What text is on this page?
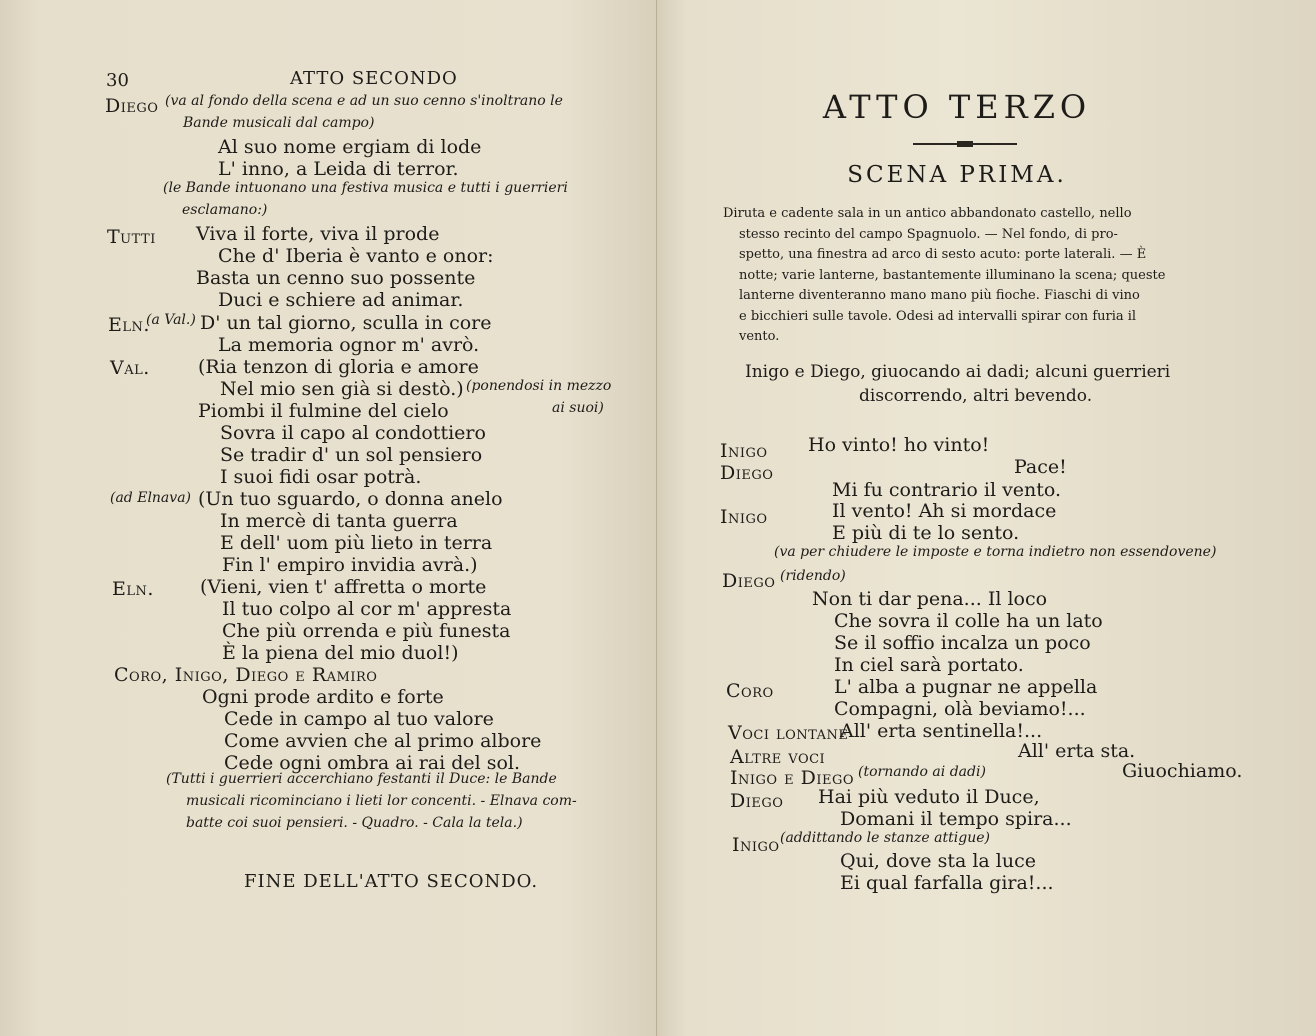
30	ATTO SECONDO
Diego (va al fondo della scena e ad un suo cenno s'inoltrano le
Bande musicali dal campo)
Al suo nome ergiam di lode
L' inno, a Leida di terror.
(le Bande intuonano una festiva musica e tutti i guerrieri
esclamano:)
Tutti Viva il forte, viva il prode
Che d' Iberia è vanto e onor:
Basta un cenno suo possente
Duci e schiere ad animar.
Eln.
(a Val.) D' un tal giorno, scullа in core
La memoria ognor m' avrò.
Val.	(Ria tenzon di gloria e amore
Nel mio sen già si destò.) (ponendosi in mezzo
Piombi il fulmine del cielo	ai suoi)
Sovra il capo al condottiero
Se tradir d' un sol pensiero
I suoi fidi osar potrà.
(ad Elnava) (Un tuo sguardo, o donna anelo
In mercè di tanta guerra
E dell' uom più lieto in terra
Fin l' empiro invidia avrà.)
Eln. (Vieni, vien t' affretta o morte
Il tuo colpo al cor m' appresta
Che più orrenda e più funesta
È la piena del mio duol!)
Coro, Inigo, Diego e Ramiro
Ogni prode ardito e forte
Cede in campo al tuo valore
Come avvien che al primo albore
Cede ogni ombra ai rai del sol.
(Tutti i guerrieri accerchiano festanti il Duce: le Bande
musicali ricominciano i lieti lor concenti. - Elnava com-
batte coi suoi pensieri. - Quadro. - Cala la tela.)
FINE DELL'ATTO SECONDO.
ATTO TERZO
SCENA PRIMA.
Diruta e cadente sala in un antico abbandonato castello, nello
stesso recinto del campo Spagnuolo. — Nel fondo, di pro-
spetto, una finestra ad arco di sesto acuto: porte laterali. — È
notte; varie lanterne, bastantemente illuminano la scena; queste
lanterne diventeranno mano mano più fioche. Fiaschi di vino
e bicchieri sulle tavole. Odesi ad intervalli spirar con furia il
vento.
Inigo e Diego, giuocando ai dadi; alcuni guerrieri
discorrendo, altri bevendo.
Inigo Ho vinto! ho vinto!
Diego	Pace!
Mi fu contrario il vento.
Inigo	Il vento! Ah si mordace
E più di te lo sento.
(va per chiudere le imposte e torna indietro non essendovene)
Diego (ridendo)
Non ti dar pena... Il loco
Che sovra il colle ha un lato
Se il soffio incalza un poco
In ciel sarà portato.
Coro	L' alba a pugnar ne appella
Compagni, olà beviamo!...
Voci lontane
All' erta sentinella!...
Altre voci	All' erta sta.
Inigo e Diego (tornando ai dadi)	Giuochiamo.
Diego Hai più veduto il Duce,
Domani il tempo spira...
Inigo (addittando le stanze attigue)
Qui, dove sta la luce
Ei qual farfalla gira!...
